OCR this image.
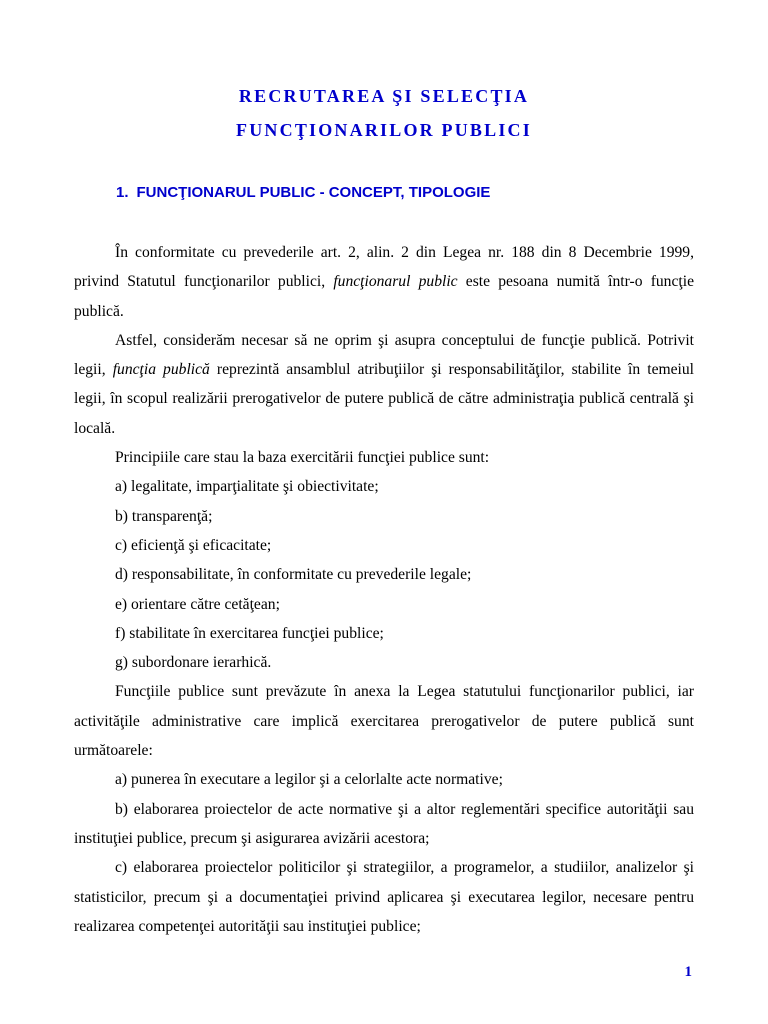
RECRUTAREA ŞI SELECŢIA
FUNCŢIONARILOR PUBLICI
1. FUNCŢIONARUL PUBLIC - CONCEPT, TIPOLOGIE

În conformitate cu prevederile art. 2, alin. 2 din Legea nr. 188 din 8 Decembrie 1999, privind Statutul funcţionarilor publici, funcţionarul public este pesoana numită într-o funcţie publică.

Astfel, considerăm necesar să ne oprim şi asupra conceptului de funcţie publică. Potrivit legii, funcţia publică reprezintă ansamblul atribuţiilor şi responsabilităţilor, stabilite în temeiul legii, în scopul realizării prerogativelor de putere publică de către administraţia publică centrală şi locală.

Principiile care stau la baza exercitării funcţiei publice sunt:

a) legalitate, imparţialitate şi obiectivitate;

b) transparenţă;

c) eficienţă şi eficacitate;

d) responsabilitate, în conformitate cu prevederile legale;

e) orientare către cetăţean;

f) stabilitate în exercitarea funcţiei publice;

g) subordonare ierarhică.

Funcţiile publice sunt prevăzute în anexa la Legea statutului funcţionarilor publici, iar activităţile administrative care implică exercitarea prerogativelor de putere publică sunt următoarele:

a) punerea în executare a legilor şi a celorlalte acte normative;

b) elaborarea proiectelor de acte normative şi a altor reglementări specifice autorităţii sau instituţiei publice, precum şi asigurarea avizării acestora;

c) elaborarea proiectelor politicilor şi strategiilor, a programelor, a studiilor, analizelor şi statisticilor, precum şi a documentaţiei privind aplicarea şi executarea legilor, necesare pentru realizarea competenţei autorităţii sau instituţiei publice;

1
